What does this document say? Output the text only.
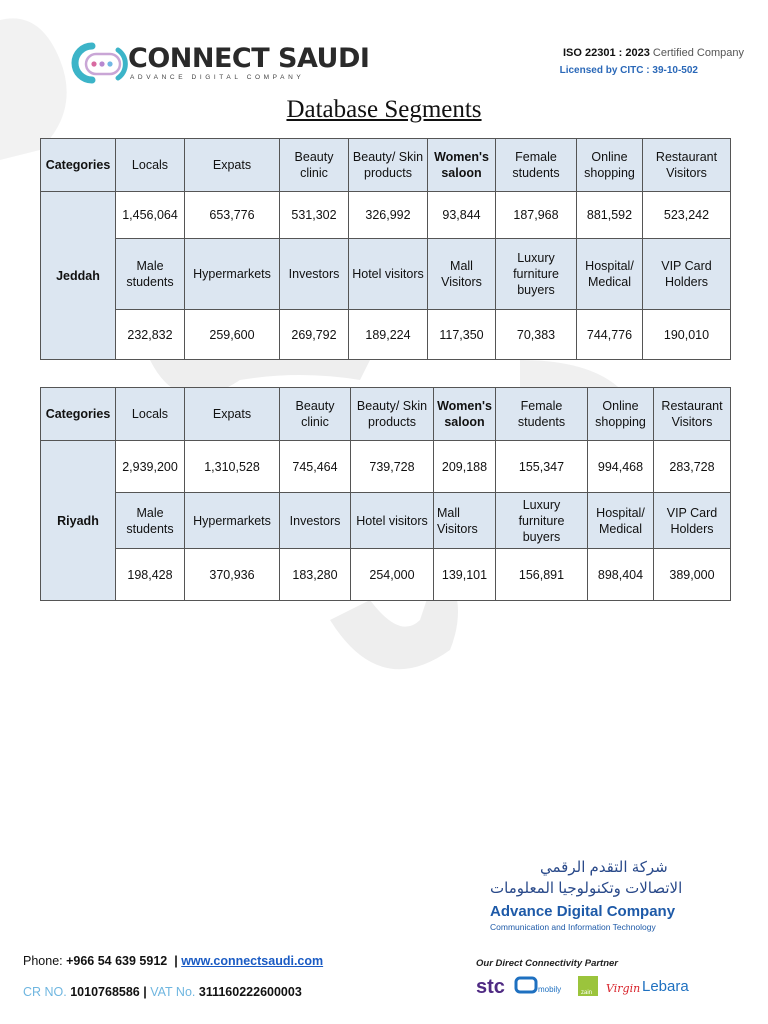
CONNECT SAUDI
ADVANCE DIGITAL COMPANY
ISO 22301 : 2023 Certified Company
Licensed by CITC : 39-10-502
Database Segments
Categories	Locals	Expats	Beauty clinic	Beauty/ Skin products	Women's saloon	Female students	Online shopping	Restaurant Visitors
Jeddah	1,456,064	653,776	531,302	326,992	93,844	187,968	881,592	523,242
	Male students	Hypermarkets	Investors	Hotel visitors	Mall Visitors	Luxury furniture buyers	Hospital/ Medical	VIP Card Holders
	232,832	259,600	269,792	189,224	117,350	70,383	744,776	190,010
Categories	Locals	Expats	Beauty clinic	Beauty/ Skin products	Women's saloon	Female students	Online shopping	Restaurant Visitors
Riyadh	2,939,200	1,310,528	745,464	739,728	209,188	155,347	994,468	283,728
	Male students	Hypermarkets	Investors	Hotel visitors	Mall Visitors	Luxury furniture buyers	Hospital/ Medical	VIP Card Holders
	198,428	370,936	183,280	254,000	139,101	156,891	898,404	389,000
شركة التقدم الرقمي
الاتصالات وتكنولوجيا المعلومات
Advance Digital Company
Communication and Information Technology
Our Direct Connectivity Partner
stc	mobily	zain Virgin Lebara
Phone: +966 54 639 5912 | www.connectsaudi.com
CR NO. 1010768586 | VAT No. 311160222600003
